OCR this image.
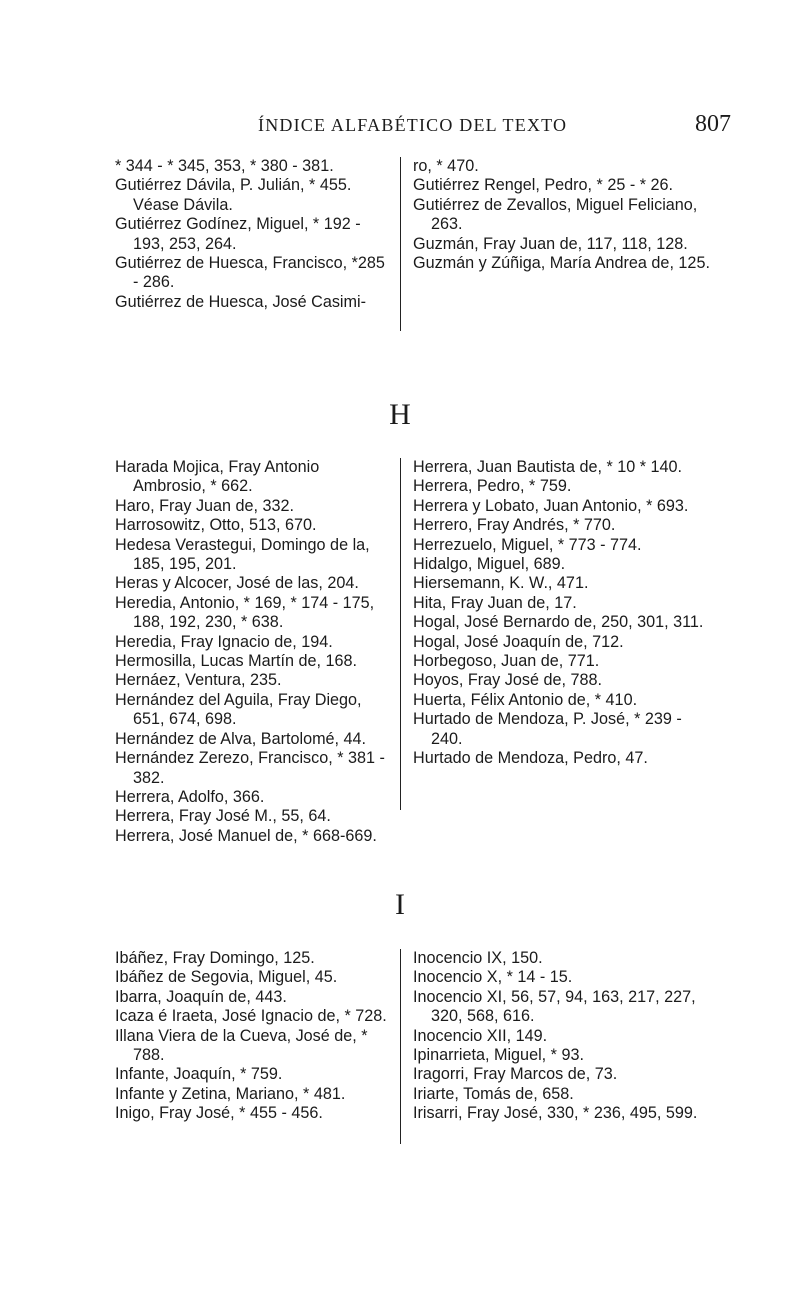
ÍNDICE ALFABÉTICO DEL TEXTO	807

* 344 - * 345, 353, * 380 - 381.

Gutiérrez Dávila, P. Julián, * 455. Véase Dávila.

Gutiérrez Godínez, Miguel, * 192 - 193, 253, 264.

Gutiérrez de Huesca, Francisco, *285 - 286.

Gutiérrez de Huesca, José Casimi-

ro, * 470.

Gutiérrez Rengel, Pedro, * 25 - * 26.

Gutiérrez de Zevallos, Miguel Feliciano, 263.

Guzmán, Fray Juan de, 117, 118, 128.

Guzmán y Zúñiga, María Andrea de, 125.

H

Harada Mojica, Fray Antonio Ambrosio, * 662.

Haro, Fray Juan de, 332.

Harrosowitz, Otto, 513, 670.

Hedesa Verastegui, Domingo de la, 185, 195, 201.

Heras y Alcocer, José de las, 204.

Heredia, Antonio, * 169, * 174 - 175, 188, 192, 230, * 638.

Heredia, Fray Ignacio de, 194.

Hermosilla, Lucas Martín de, 168.

Hernáez, Ventura, 235.

Hernández del Aguila, Fray Diego, 651, 674, 698.

Hernández de Alva, Bartolomé, 44.

Hernández Zerezo, Francisco, * 381 - 382.

Herrera, Adolfo, 366.

Herrera, Fray José M., 55, 64.

Herrera, José Manuel de, * 668-669.

Herrera, Juan Bautista de, * 10 * 140.

Herrera, Pedro, * 759.

Herrera y Lobato, Juan Antonio, * 693.

Herrero, Fray Andrés, * 770.

Herrezuelo, Miguel, * 773 - 774.

Hidalgo, Miguel, 689.

Hiersemann, K. W., 471.

Hita, Fray Juan de, 17.

Hogal, José Bernardo de, 250, 301, 311.

Hogal, José Joaquín de, 712.

Horbegoso, Juan de, 771.

Hoyos, Fray José de, 788.

Huerta, Félix Antonio de, * 410.

Hurtado de Mendoza, P. José, * 239 - 240.

Hurtado de Mendoza, Pedro, 47.

I

Ibáñez, Fray Domingo, 125.

Ibáñez de Segovia, Miguel, 45.

Ibarra, Joaquín de, 443.

Icaza é Iraeta, José Ignacio de, * 728.

Illana Viera de la Cueva, José de, * 788.

Infante, Joaquín, * 759.

Infante y Zetina, Mariano, * 481.

Inigo, Fray José, * 455 - 456.

Inocencio IX, 150.

Inocencio X, * 14 - 15.

Inocencio XI, 56, 57, 94, 163, 217, 227, 320, 568, 616.

Inocencio XII, 149.

Ipinarrieta, Miguel, * 93.

Iragorri, Fray Marcos de, 73.

Iriarte, Tomás de, 658.

Irisarri, Fray José, 330, * 236, 495, 599.
